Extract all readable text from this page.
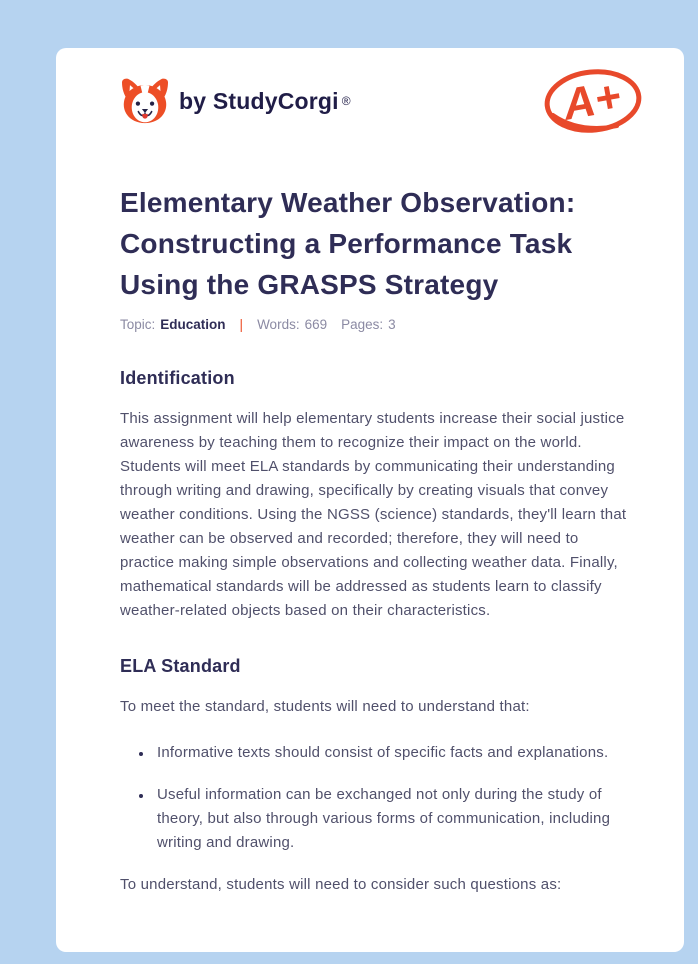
by StudyCorgi ®	A+
Elementary Weather Observation: Constructing a Performance Task Using the GRASPS Strategy
Topic: Education | Words: 669 Pages: 3
Identification

This assignment will help elementary students increase their social justice awareness by teaching them to recognize their impact on the world. Students will meet ELA standards by communicating their understanding through writing and drawing, specifically by creating visuals that convey weather conditions. Using the NGSS (science) standards, they'll learn that weather can be observed and recorded; therefore, they will need to practice making simple observations and collecting weather data. Finally, mathematical standards will be addressed as students learn to classify weather-related objects based on their characteristics.

ELA Standard

To meet the standard, students will need to understand that:

• Informative texts should consist of specific facts and explanations.
• Useful information can be exchanged not only during the study of theory, but also through various forms of communication, including writing and drawing.

To understand, students will need to consider such questions as:
